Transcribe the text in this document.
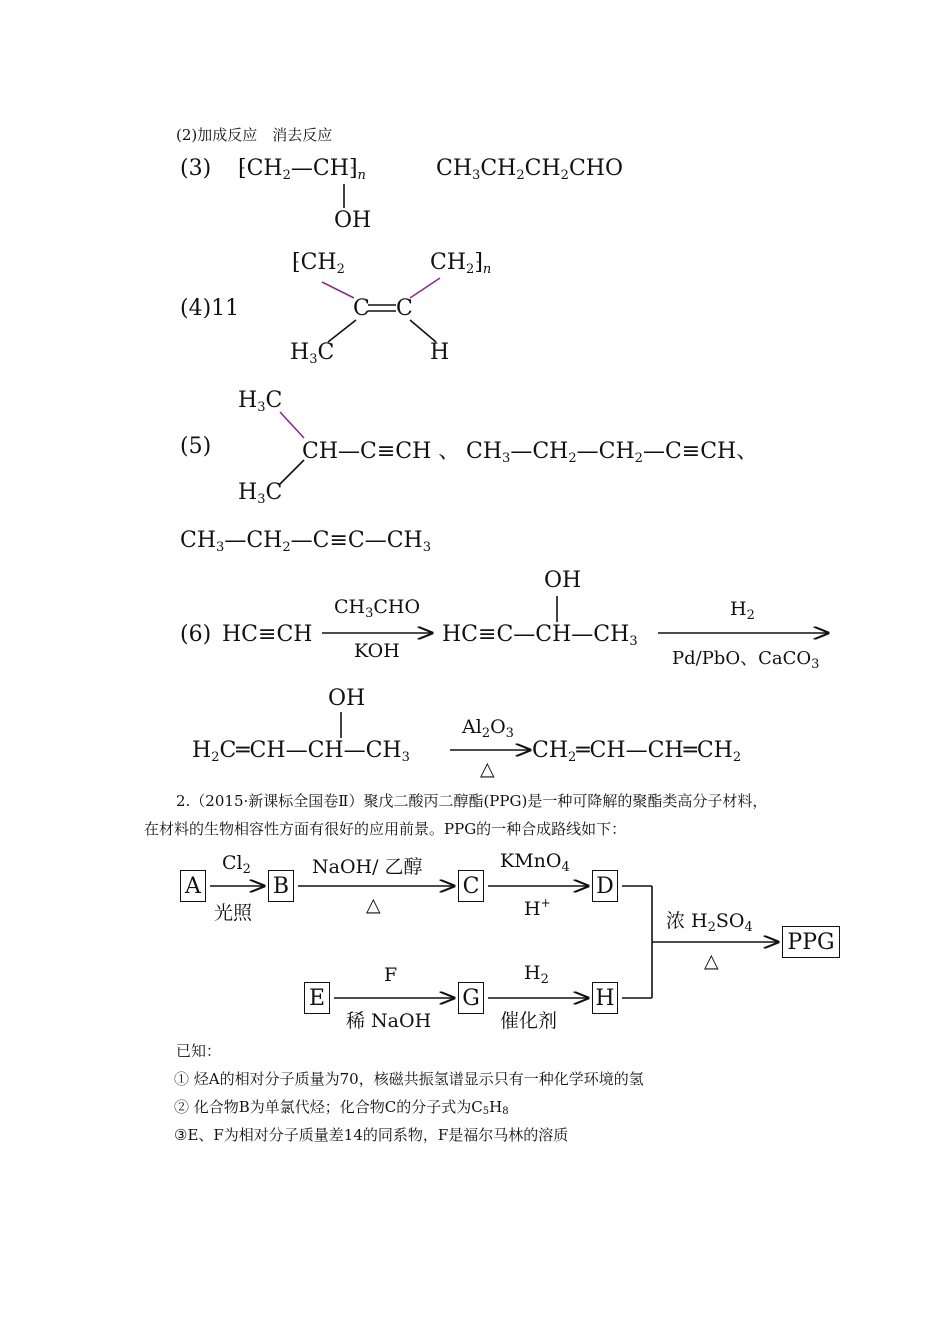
(2)加成反应　消去反应
(3) $⁅CH_2—CH⁆_n$
OH
$CH_3CH_2CH_2CHO$
(4)11
$⁅CH_2$	$CH_2⁆_n$
C C
$H_3C$	H
(5)
$H_3C$
$H_3C$
CH—C≡CH 、 $CH_3—CH_2—CH_2—C\equiv CH$、
$CH_3—CH_2—C\equiv C—CH_3$
(6) HC≡CH
$CH_3CHO$
KOH
OH
$HC\equiv C—CH—CH_3$
$H_2$
Pd/PbO、CaCO$_3$
OH
$H_2C═CH—CH—CH_3$
$Al_2O_3$
△
$CH_2═CH—CH═CH_2$
2.（2015·新课标全国卷Ⅱ）聚戊二酸丙二醇酯(PPG)是一种可降解的聚酯类高分子材料，
在材料的生物相容性方面有很好的应用前景。PPG的一种合成路线如下：
A	B	C	D
E	G	H
PPG
$Cl_2$
光照
NaOH/ 乙醇
△
KMnO$_4$
H+
F
稀 NaOH
$H_2$
催化剂
浓 $H_2SO_4$
△
已知：
① 烃A的相对分子质量为70，核磁共振氢谱显示只有一种化学环境的氢
② 化合物B为单氯代烃；化合物C的分子式为$C_5H_8$
③E、F为相对分子质量差14的同系物，F是福尔马林的溶质
